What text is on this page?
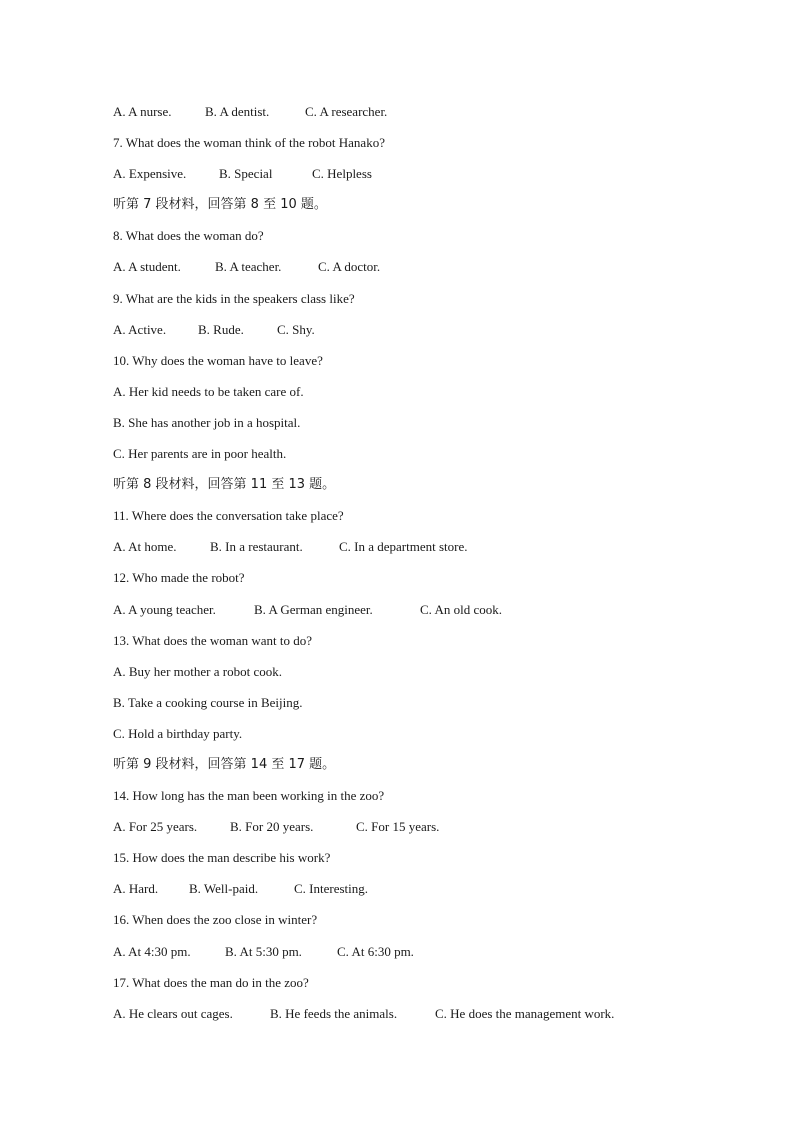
A. A nurse.	B. A dentist.	C. A researcher.
7. What does the woman think of the robot Hanako?
A. Expensive.	B. Special	C. Helpless
听第 7 段材料，回答第 8 至 10 题。
8. What does the woman do?
A. A student.	B. A teacher.	C. A doctor.
9. What are the kids in the speakers class like?
A. Active. B. Rude.	C. Shy.
10. Why does the woman have to leave?
A. Her kid needs to be taken care of.
B. She has another job in a hospital.
C. Her parents are in poor health.
听第 8 段材料，回答第 11 至 13 题。
11. Where does the conversation take place?
A. At home.	B. In a restaurant.	C. In a department store.
12. Who made the robot?
A. A young teacher.	B. A German engineer.	C. An old cook.
13. What does the woman want to do?
A. Buy her mother a robot cook.
B. Take a cooking course in Beijing.
C. Hold a birthday party.
听第 9 段材料，回答第 14 至 17 题。
14. How long has the man been working in the zoo?
A. For 25 years.	B. For 20 years.	C. For 15 years.
15. How does the man describe his work?
A. Hard. B. Well-paid.	C. Interesting.
16. When does the zoo close in winter?
A. At 4:30 pm.	B. At 5:30 pm.	C. At 6:30 pm.
17. What does the man do in the zoo?
A. He clears out cages.	B. He feeds the animals.	C. He does the management work.
